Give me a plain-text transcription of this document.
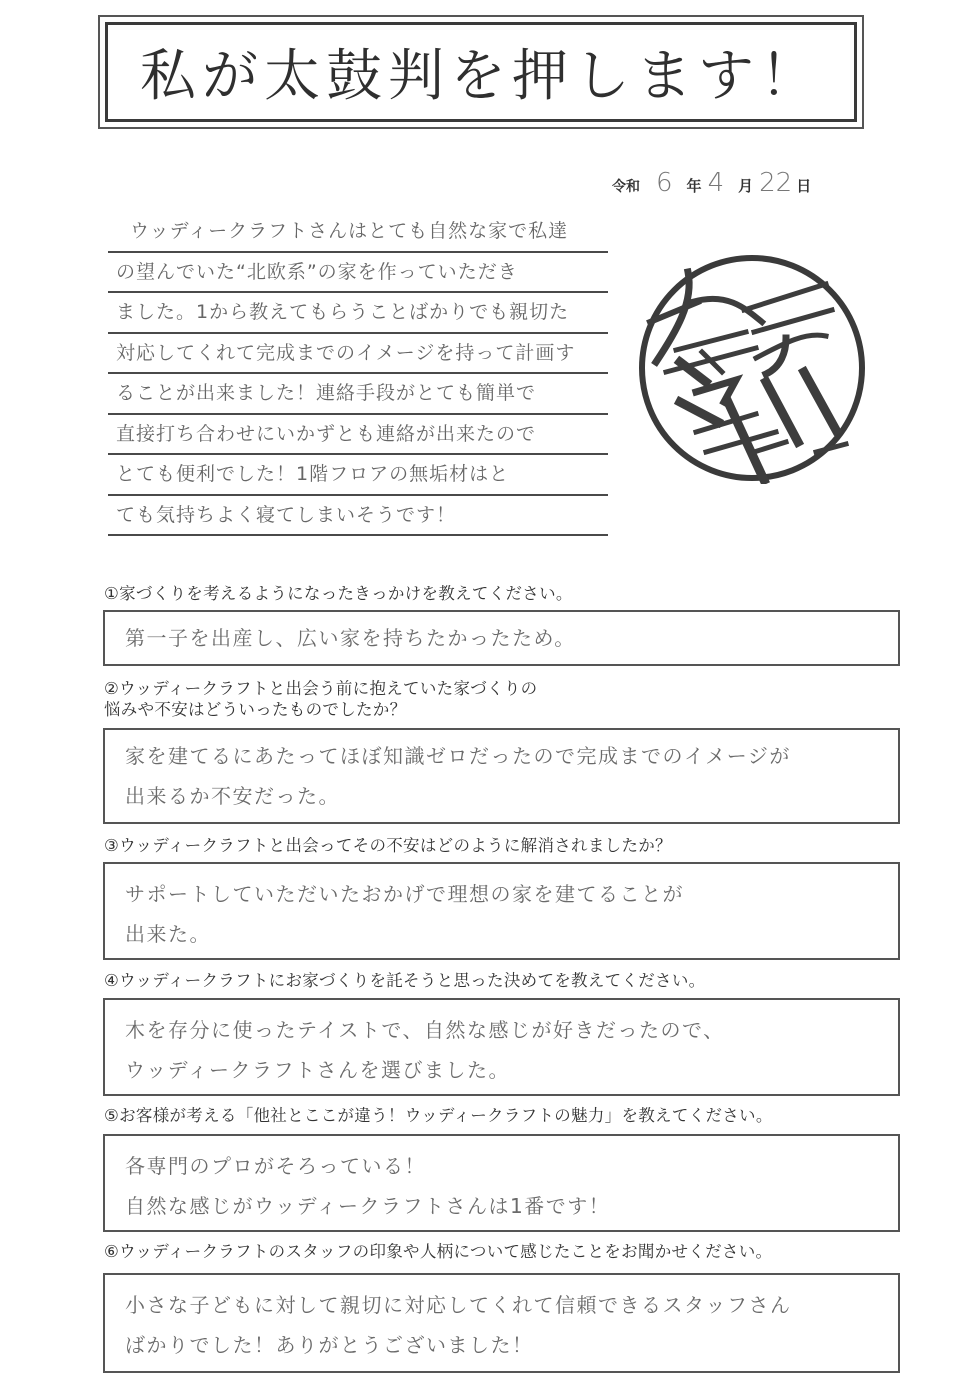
私が太鼓判を押します！
令和 6 年 4 月 22 日
ウッディークラフトさんはとても自然な家で私達
の望んでいた“北欧系”の家を作っていただき
ました。1から教えてもらうことばかりでも親切た
対応してくれて完成までのイメージを持って計画す
ることが出来ました！連絡手段がとても簡単で
直接打ち合わせにいかずとも連絡が出来たので
とても便利でした！1階フロアの無垢材はと
ても気持ちよく寝てしまいそうです！
①家づくりを考えるようになったきっかけを教えてください。
第一子を出産し、広い家を持ちたかったため。
②ウッディークラフトと出会う前に抱えていた家づくりの
悩みや不安はどういったものでしたか？
家を建てるにあたってほぼ知識ゼロだったので完成までのイメージが
出来るか不安だった。
③ウッディークラフトと出会ってその不安はどのように解消されましたか？
サポートしていただいたおかげで理想の家を建てることが
出来た。
④ウッディークラフトにお家づくりを託そうと思った決めてを教えてください。
木を存分に使ったテイストで、自然な感じが好きだったので、
ウッディークラフトさんを選びました。
⑤お客様が考える「他社とここが違う！ウッディークラフトの魅力」を教えてください。
各専門のプロがそろっている！
自然な感じがウッディークラフトさんは1番です！
⑥ウッディークラフトのスタッフの印象や人柄について感じたことをお聞かせください。
小さな子どもに対して親切に対応してくれて信頼できるスタッフさん
ばかりでした！ありがとうございました！
